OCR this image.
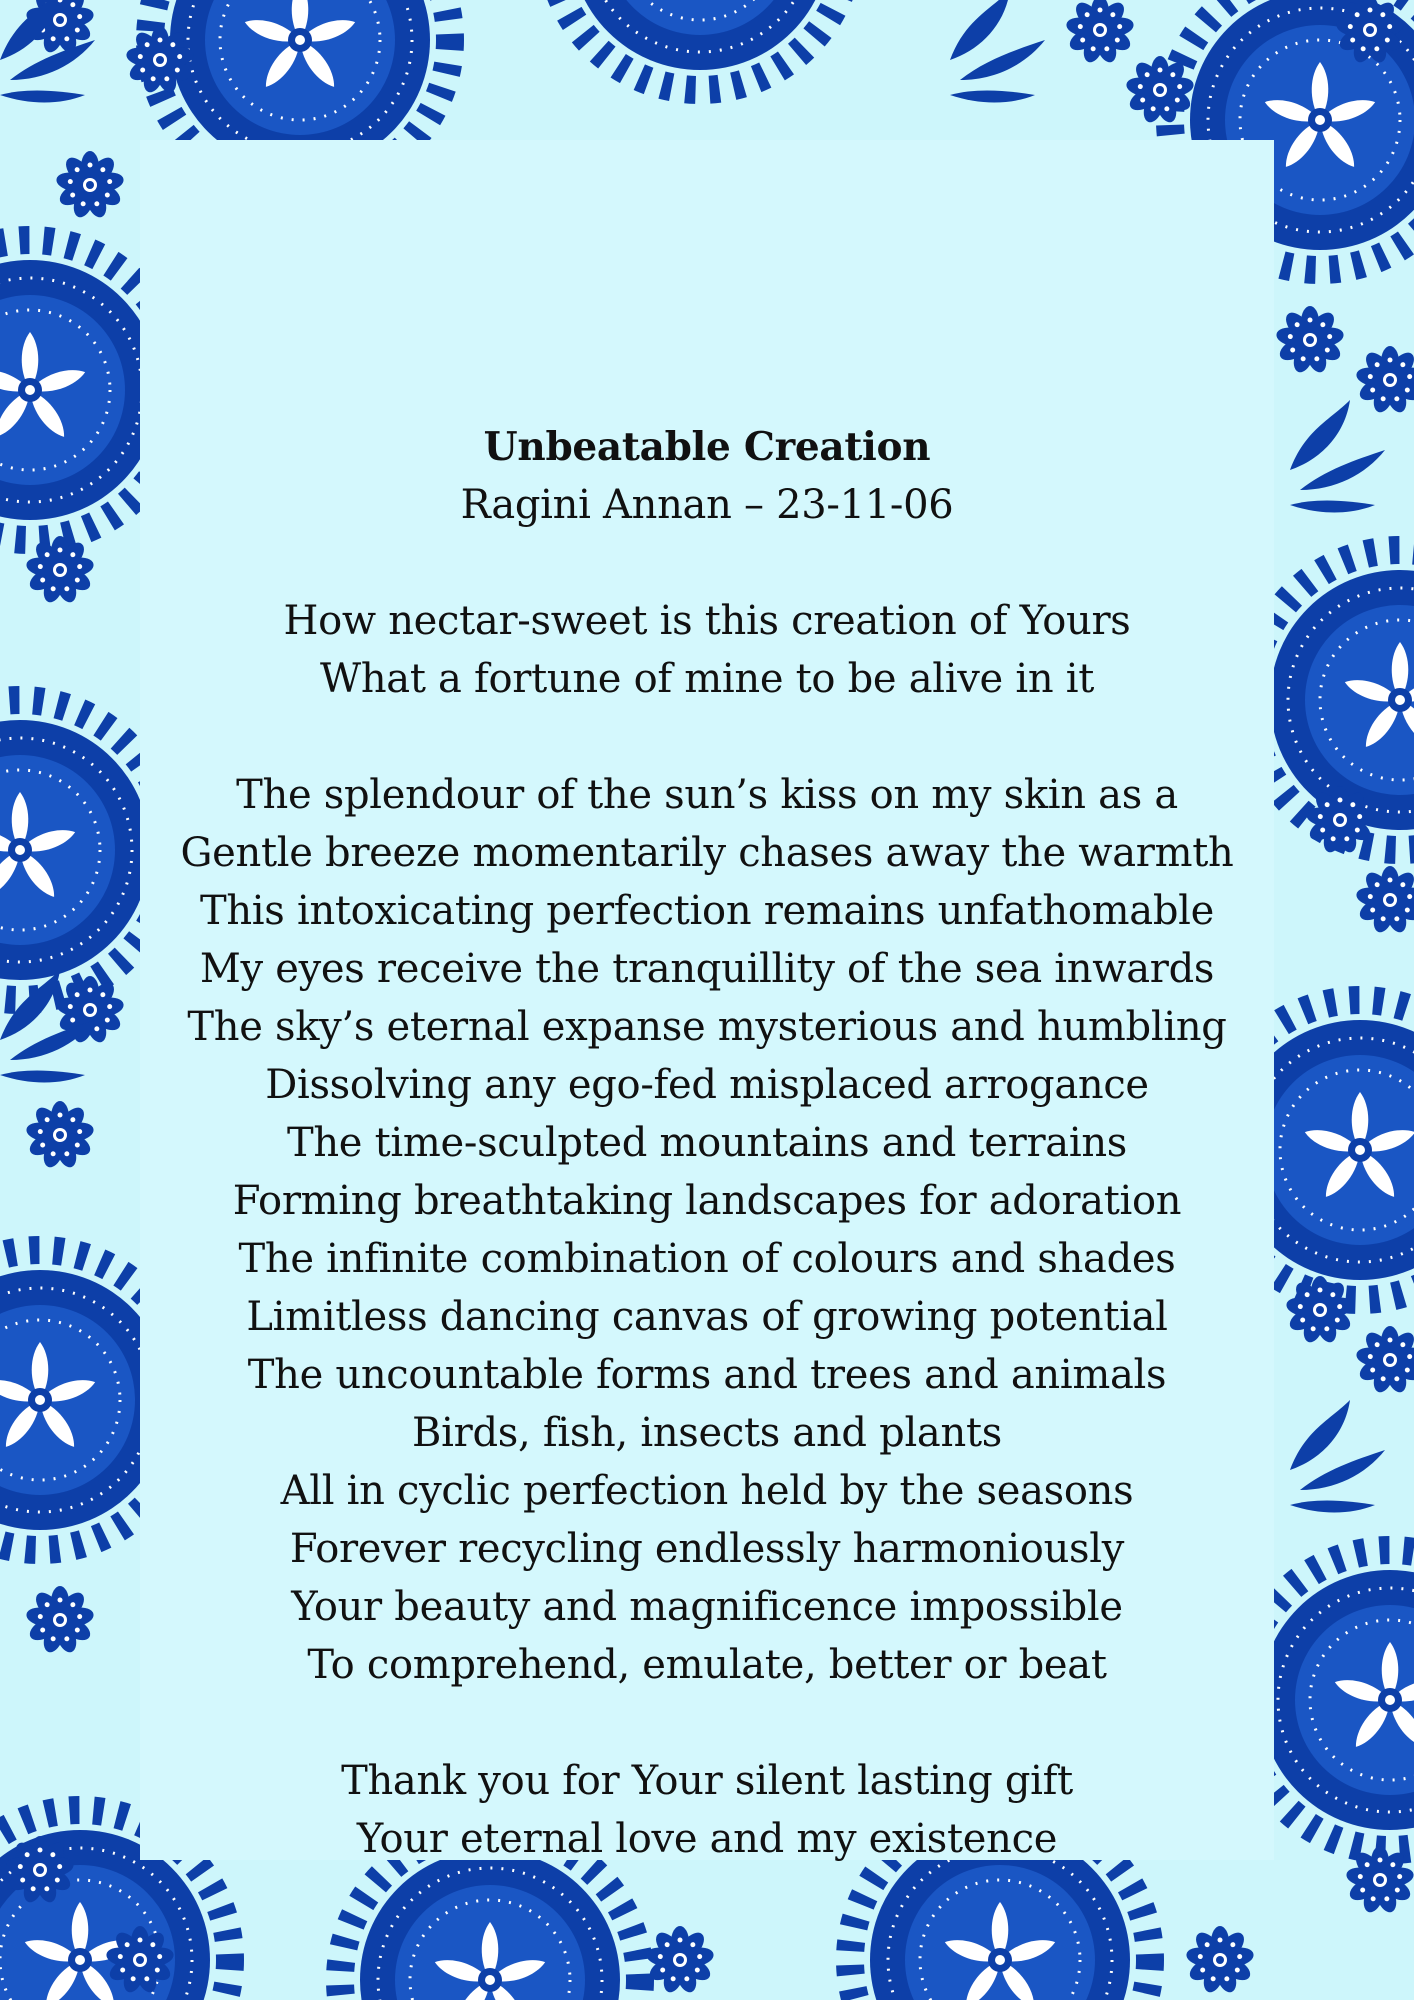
Unbeatable Creation
Ragini Annan – 23-11-06
How nectar-sweet is this creation of Yours
What a fortune of mine to be alive in it
The splendour of the sun’s kiss on my skin as a
Gentle breeze momentarily chases away the warmth
This intoxicating perfection remains unfathomable
My eyes receive the tranquillity of the sea inwards
The sky’s eternal expanse mysterious and humbling
Dissolving any ego-fed misplaced arrogance
The time-sculpted mountains and terrains
Forming breathtaking landscapes for adoration
The infinite combination of colours and shades
Limitless dancing canvas of growing potential
The uncountable forms and trees and animals
Birds, fish, insects and plants
All in cyclic perfection held by the seasons
Forever recycling endlessly harmoniously
Your beauty and magnificence impossible
To comprehend, emulate, better or beat
Thank you for Your silent lasting gift
Your eternal love and my existence
